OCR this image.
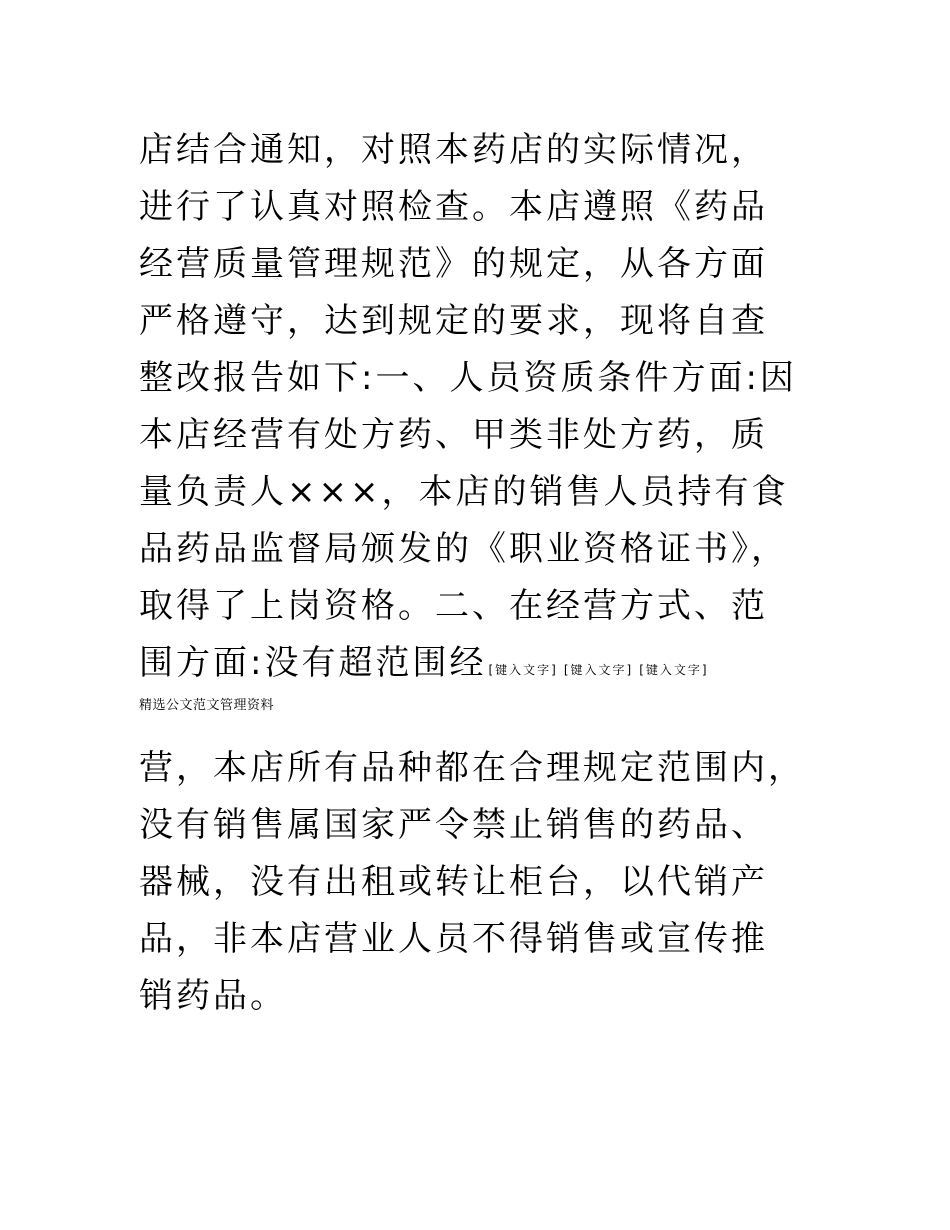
店结合通知，对照本药店的实际情况，
进行了认真对照检查。本店遵照《药品
经营质量管理规范》的规定，从各方面
严格遵守，达到规定的要求，现将自查
整改报告如下:一、人员资质条件方面:因
本店经营有处方药、甲类非处方药，质
量负责人×××，本店的销售人员持有食
品药品监督局颁发的《职业资格证书》，
取得了上岗资格。二、在经营方式、范
围方面:没有超范围经 [键入文字] [键入文字] [键入文字]
精选公文范文管理资料
营，本店所有品种都在合理规定范围内，
没有销售属国家严令禁止销售的药品、
器械，没有出租或转让柜台，以代销产
品，非本店营业人员不得销售或宣传推
销药品。
